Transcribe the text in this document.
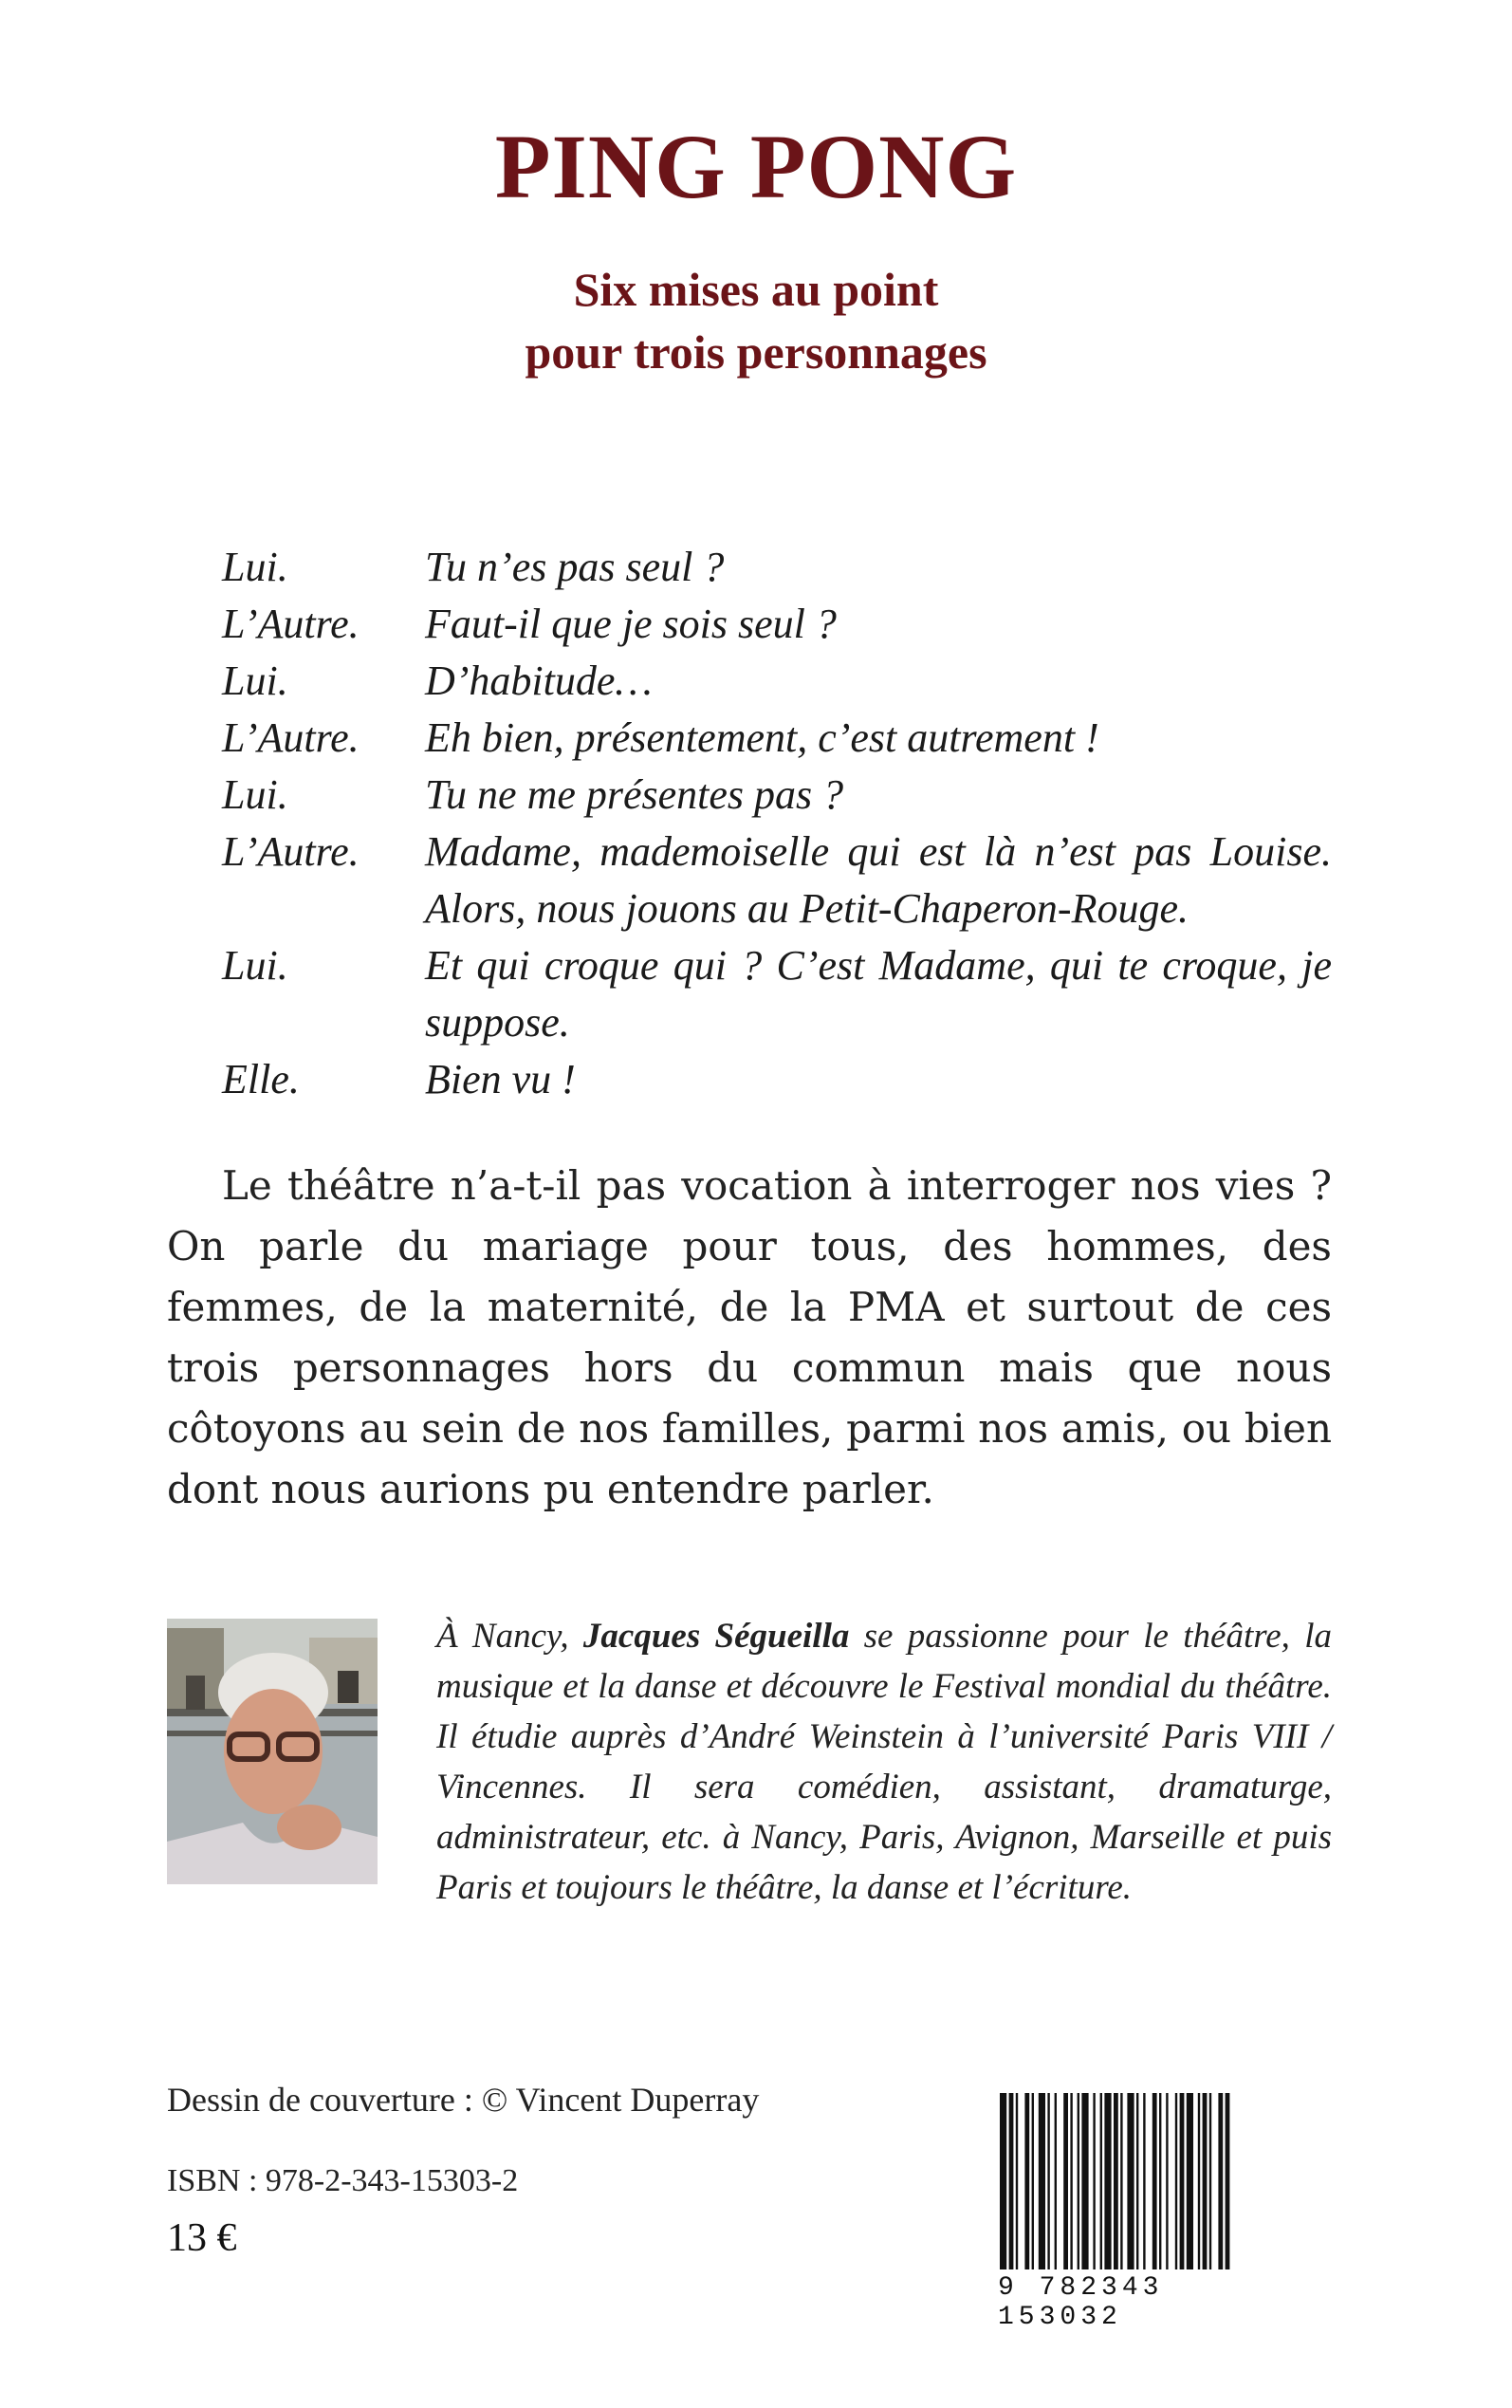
PING PONG
Six mises au point
pour trois personnages
Lui.	Tu n’es pas seul ?
L’Autre.	Faut-il que je sois seul ?
Lui.	D’habitude…
L’Autre.	Eh bien, présentement, c’est autrement !
Lui.	Tu ne me présentes pas ?
L’Autre.	Madame, mademoiselle qui est là n’est pas Louise. Alors, nous jouons au Petit-Chaperon-Rouge.
Lui.	Et qui croque qui ? C’est Madame, qui te croque, je suppose.
Elle.	Bien vu !

Le théâtre n’a-t-il pas vocation à interroger nos vies ? On parle du mariage pour tous, des hommes, des femmes, de la maternité, de la PMA et surtout de ces trois personnages hors du commun mais que nous côtoyons au sein de nos familles, parmi nos amis, ou bien dont nous aurions pu entendre parler.

À Nancy, Jacques Ségueilla se passionne pour le théâtre, la musique et la danse et découvre le Festival mondial du théâtre. Il étudie auprès d’André Weinstein à l’université Paris VIII / Vincennes. Il sera comédien, assistant, dramaturge, administrateur, etc. à Nancy, Paris, Avignon, Marseille et puis Paris et toujours le théâtre, la danse et l’écriture.

Dessin de couverture : © Vincent Duperray

ISBN : 978-2-343-15303-2

13 €

9 782343 153032
